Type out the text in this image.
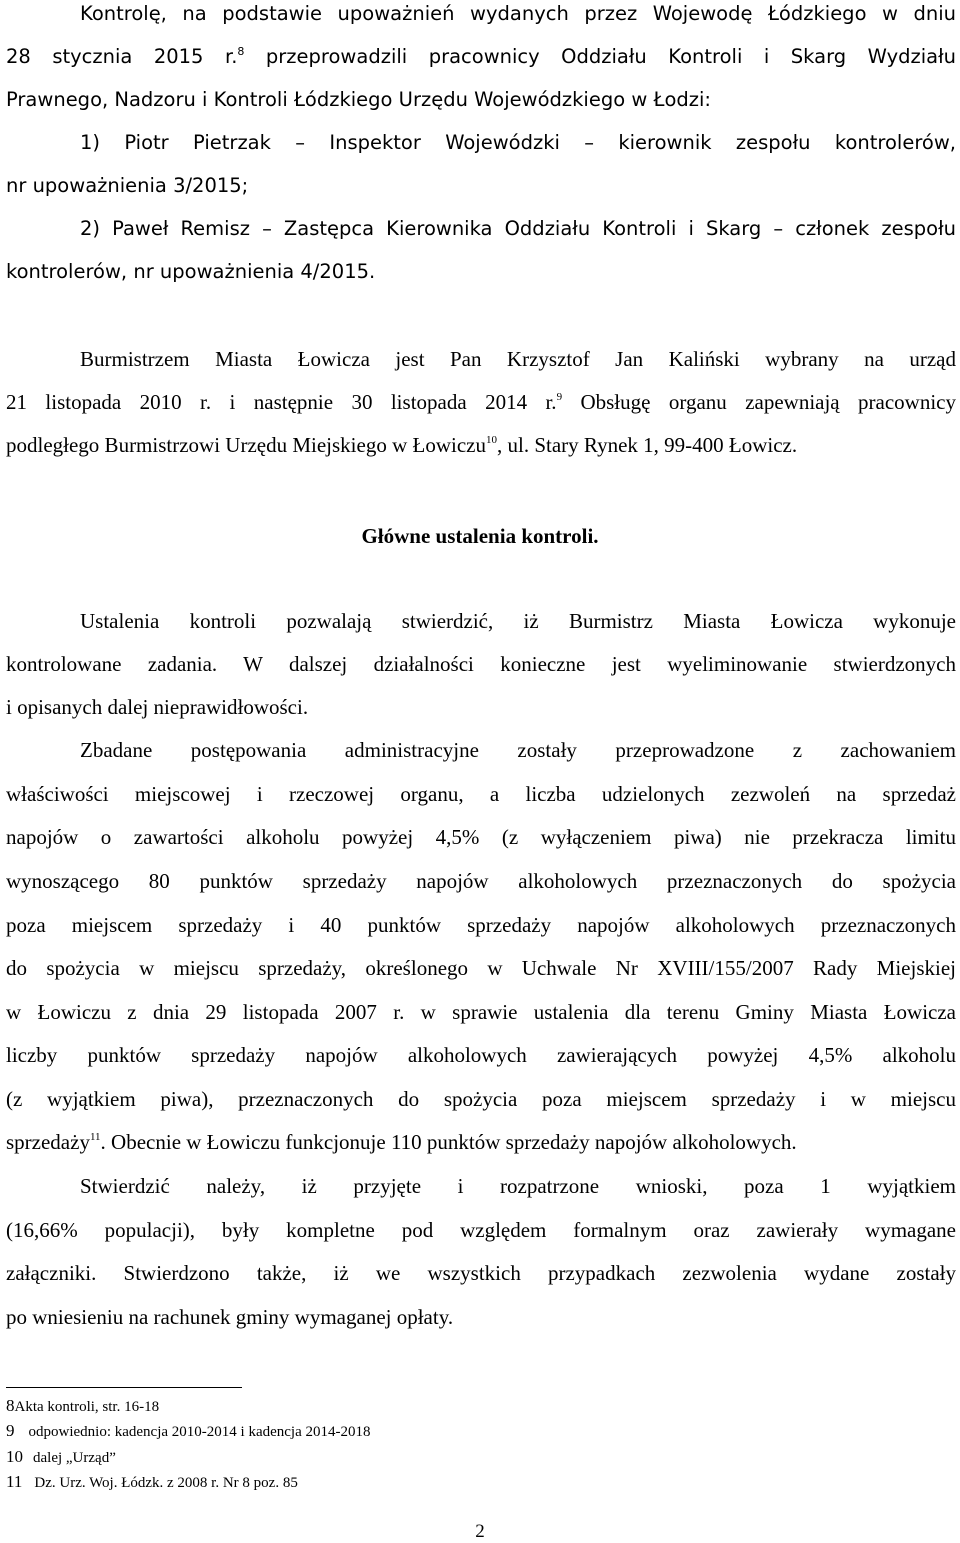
Kontrolę, na podstawie upoważnień wydanych przez Wojewodę Łódzkiego w dniu
28 stycznia 2015 r.$^8$ przeprowadzili pracownicy Oddziału Kontroli i Skarg Wydziału
Prawnego, Nadzoru i Kontroli Łódzkiego Urzędu Wojewódzkiego w Łodzi:
1) Piotr Pietrzak – Inspektor Wojewódzki – kierownik zespołu kontrolerów,
nr upoważnienia 3/2015;
2) Paweł Remisz – Zastępca Kierownika Oddziału Kontroli i Skarg – członek zespołu
kontrolerów, nr upoważnienia 4/2015.
Burmistrzem Miasta Łowicza jest Pan Krzysztof Jan Kaliński wybrany na urząd
21 listopada 2010 r. i następnie 30 listopada 2014 r.$^9$ Obsługę organu zapewniają pracownicy
podległego Burmistrzowi Urzędu Miejskiego w Łowiczu$^{10}$, ul. Stary Rynek 1, 99-400 Łowicz.
Główne ustalenia kontroli.
Ustalenia kontroli pozwalają stwierdzić, iż Burmistrz Miasta Łowicza wykonuje
kontrolowane zadania. W dalszej działalności konieczne jest wyeliminowanie stwierdzonych
i opisanych dalej nieprawidłowości.
Zbadane postępowania administracyjne zostały przeprowadzone z zachowaniem
właściwości miejscowej i rzeczowej organu, a liczba udzielonych zezwoleń na sprzedaż
napojów o zawartości alkoholu powyżej 4,5% (z wyłączeniem piwa) nie przekracza limitu
wynoszącego 80 punktów sprzedaży napojów alkoholowych przeznaczonych do spożycia
poza miejscem sprzedaży i 40 punktów sprzedaży napojów alkoholowych przeznaczonych
do spożycia w miejscu sprzedaży, określonego w Uchwale Nr XVIII/155/2007 Rady Miejskiej
w Łowiczu z dnia 29 listopada 2007 r. w sprawie ustalenia dla terenu Gminy Miasta Łowicza
liczby punktów sprzedaży napojów alkoholowych zawierających powyżej 4,5% alkoholu
(z wyjątkiem piwa), przeznaczonych do spożycia poza miejscem sprzedaży i w miejscu
sprzedaży$^{11}$. Obecnie w Łowiczu funkcjonuje 110 punktów sprzedaży napojów alkoholowych.
Stwierdzić należy, iż przyjęte i rozpatrzone wnioski, poza 1 wyjątkiem
(16,66% populacji), były kompletne pod względem formalnym oraz zawierały wymagane
załączniki. Stwierdzono także, iż we wszystkich przypadkach zezwolenia wydane zostały
po wniesieniu na rachunek gminy wymaganej opłaty.
8Akta kontroli, str. 16-18
9 odpowiednio: kadencja 2010-2014 i kadencja 2014-2018
10 dalej „Urząd”
11 Dz. Urz. Woj. Łódzk. z 2008 r. Nr 8 poz. 85
2
